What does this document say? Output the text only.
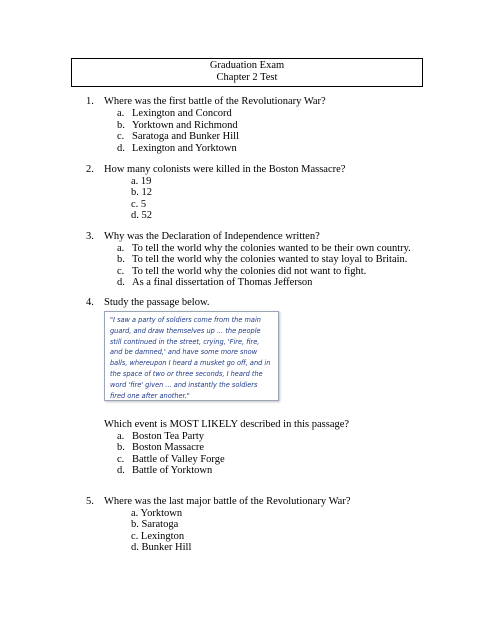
Graduation Exam
Chapter 2 Test
1. Where was the first battle of the Revolutionary War?
a. Lexington and Concord
b. Yorktown and Richmond
c. Saratoga and Bunker Hill
d. Lexington and Yorktown
2. How many colonists were killed in the Boston Massacre?
a. 19
b. 12
c. 5
d. 52
3. Why was the Declaration of Independence written?
a. To tell the world why the colonies wanted to be their own country.
b. To tell the world why the colonies wanted to stay loyal to Britain.
c. To tell the world why the colonies did not want to fight.
d. As a final dissertation of Thomas Jefferson
4. Study the passage below.
"I saw a party of soldiers come from the main
guard, and draw themselves up ... the people
still continued in the street, crying, 'Fire, fire,
and be damned,' and have some more snow
balls, whereupon I heard a musket go off, and in
the space of two or three seconds, I heard the
word 'fire' given ... and instantly the soldiers
fired one after another."
Which event is MOST LIKELY described in this passage?
a. Boston Tea Party
b. Boston Massacre
c. Battle of Valley Forge
d. Battle of Yorktown
5. Where was the last major battle of the Revolutionary War?
a. Yorktown
b. Saratoga
c. Lexington
d. Bunker Hill
